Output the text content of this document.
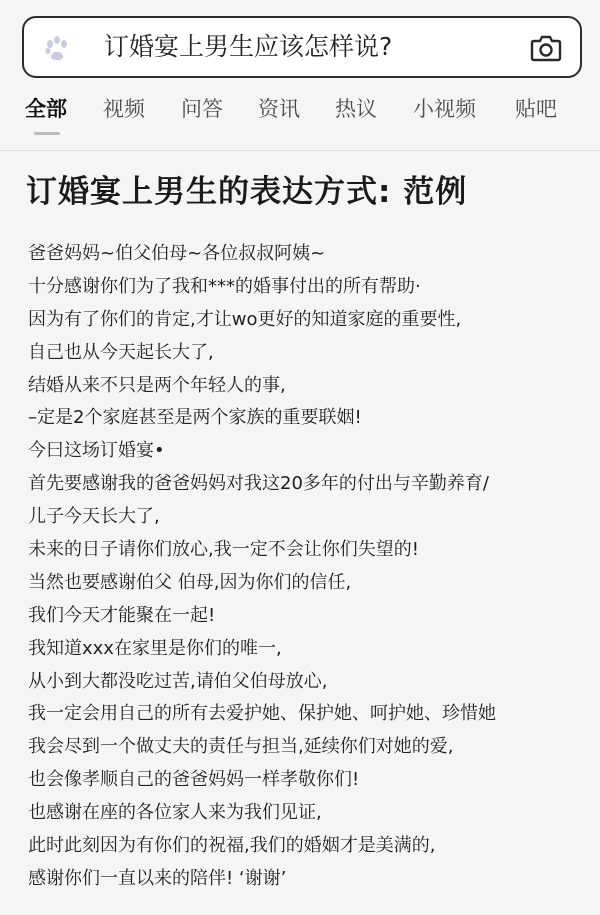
订婚宴上男生应该怎样说?
全部 视频 问答 资讯 热议 小视频 贴吧
订婚宴上男生的表达方式: 范例
爸爸妈妈~伯父伯母~各位叔叔阿姨~
十分感谢你们为了我和***的婚事付出的所有帮助·
因为有了你们的肯定,才让wo更好的知道家庭的重要性,
自己也从今天起长大了,
结婚从来不只是两个年轻人的事,
–定是2个家庭甚至是两个家族的重要联姻!
今曰这场订婚宴•
首先要感谢我的爸爸妈妈对我这20多年的付出与辛勤养育/
儿子今天长大了,
未来的日子请你们放心,我一定不会让你们失望的!
当然也要感谢伯父 伯母,因为你们的信任,
我们今天才能聚在一起!
我知道xxx在家里是你们的唯一,
从小到大都没吃过苦,请伯父伯母放心,
我一定会用自己的所有去爱护她、保护她、呵护她、珍惜她
我会尽到一个做丈夫的责任与担当,延续你们对她的爱,
也会像孝顺自己的爸爸妈妈一样孝敬你们!
也感谢在座的各位家人来为我们见证,
此时此刻因为有你们的祝福,我们的婚姻才是美满的,
感谢你们一直以来的陪伴! ‘谢谢’
